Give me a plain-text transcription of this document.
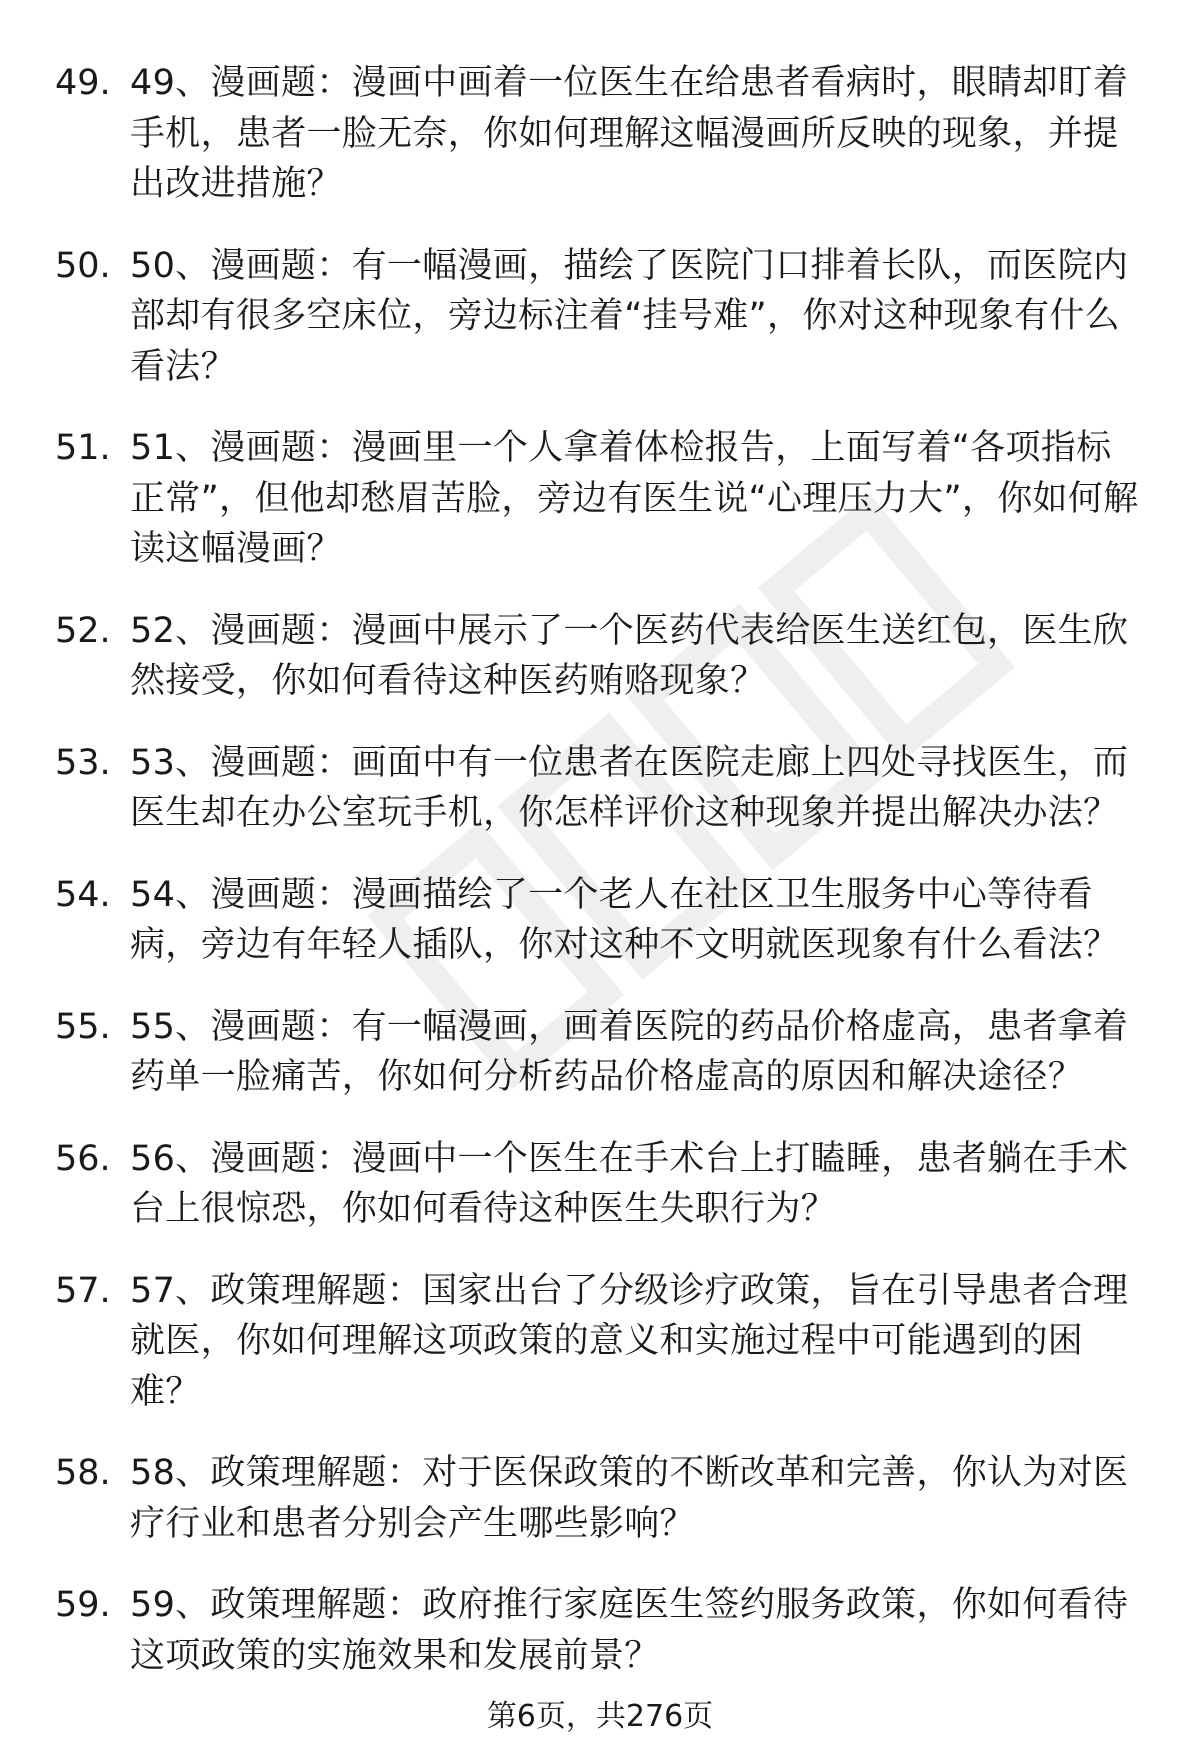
49. 49、漫画题：漫画中画着一位医生在给患者看病时，眼睛却盯着手机，患者一脸无奈，你如何理解这幅漫画所反映的现象，并提出改进措施？
50. 50、漫画题：有一幅漫画，描绘了医院门口排着长队，而医院内部却有很多空床位，旁边标注着“挂号难”，你对这种现象有什么看法？
51. 51、漫画题：漫画里一个人拿着体检报告，上面写着“各项指标正常”，但他却愁眉苦脸，旁边有医生说“心理压力大”，你如何解读这幅漫画？
52. 52、漫画题：漫画中展示了一个医药代表给医生送红包，医生欣然接受，你如何看待这种医药贿赂现象？
53. 53、漫画题：画面中有一位患者在医院走廊上四处寻找医生，而医生却在办公室玩手机，你怎样评价这种现象并提出解决办法？
54. 54、漫画题：漫画描绘了一个老人在社区卫生服务中心等待看病，旁边有年轻人插队，你对这种不文明就医现象有什么看法？
55. 55、漫画题：有一幅漫画，画着医院的药品价格虚高，患者拿着药单一脸痛苦，你如何分析药品价格虚高的原因和解决途径？
56. 56、漫画题：漫画中一个医生在手术台上打瞌睡，患者躺在手术台上很惊恐，你如何看待这种医生失职行为？
57. 57、政策理解题：国家出台了分级诊疗政策，旨在引导患者合理就医，你如何理解这项政策的意义和实施过程中可能遇到的困难？
58. 58、政策理解题：对于医保政策的不断改革和完善，你认为对医疗行业和患者分别会产生哪些影响？
59. 59、政策理解题：政府推行家庭医生签约服务政策，你如何看待这项政策的实施效果和发展前景？
第6页，共276页
